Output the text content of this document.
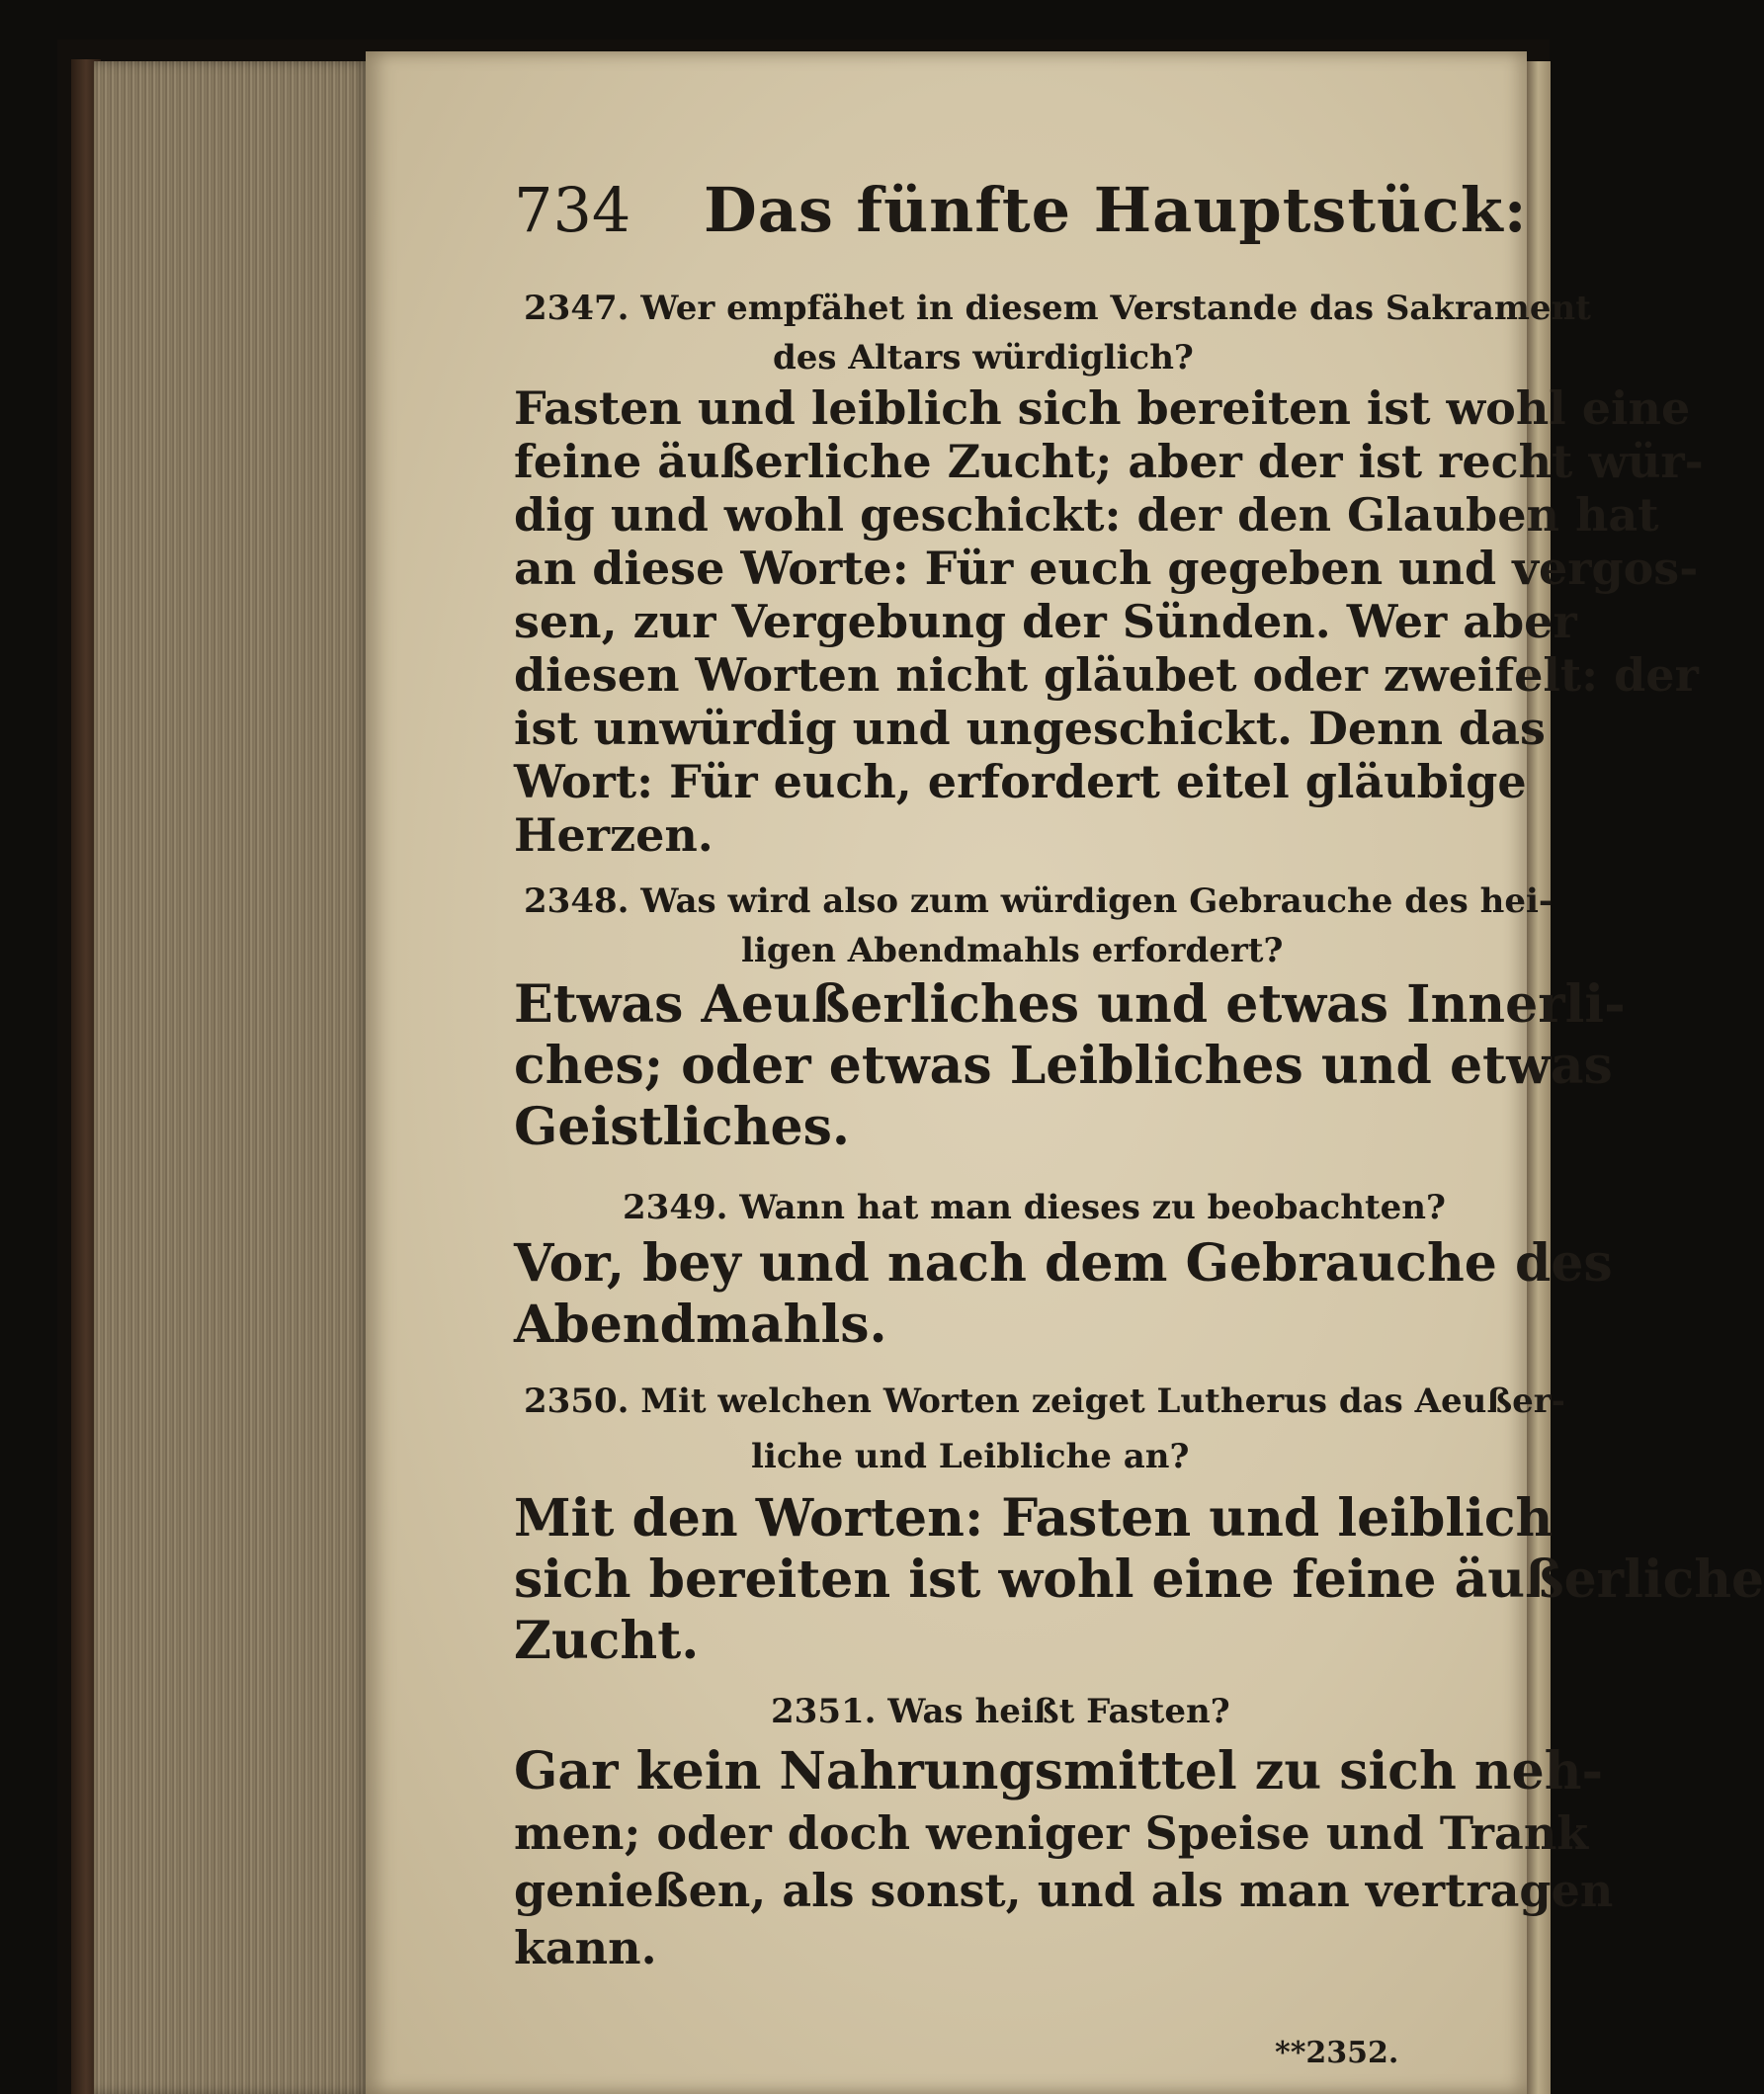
734 Das fünfte Hauptstück:
2347. Wer empfähet in diesem Verstande das Sakrament
des Altars würdiglich?
Fasten und leiblich sich bereiten ist wohl eine
feine äußerliche Zucht; aber der ist recht wür-
dig und wohl geschickt: der den Glauben hat
an diese Worte: Für euch gegeben und vergos-
sen, zur Vergebung der Sünden. Wer aber
diesen Worten nicht gläubet oder zweifelt: der
ist unwürdig und ungeschickt. Denn das
Wort: Für euch, erfordert eitel gläubige
Herzen.
2348. Was wird also zum würdigen Gebrauche des hei-
ligen Abendmahls erfordert?
Etwas Aeußerliches und etwas Innerli-
ches; oder etwas Leibliches und etwas
Geistliches.
2349. Wann hat man dieses zu beobachten?
Vor, bey und nach dem Gebrauche des
Abendmahls.
2350. Mit welchen Worten zeiget Lutherus das Aeußer-
liche und Leibliche an?
Mit den Worten: Fasten und leiblich
sich bereiten ist wohl eine feine äußerliche
Zucht.
2351. Was heißt Fasten?
Gar kein Nahrungsmittel zu sich neh-
men; oder doch weniger Speise und Trank
genießen, als sonst, und als man vertragen
kann.
**2352.
